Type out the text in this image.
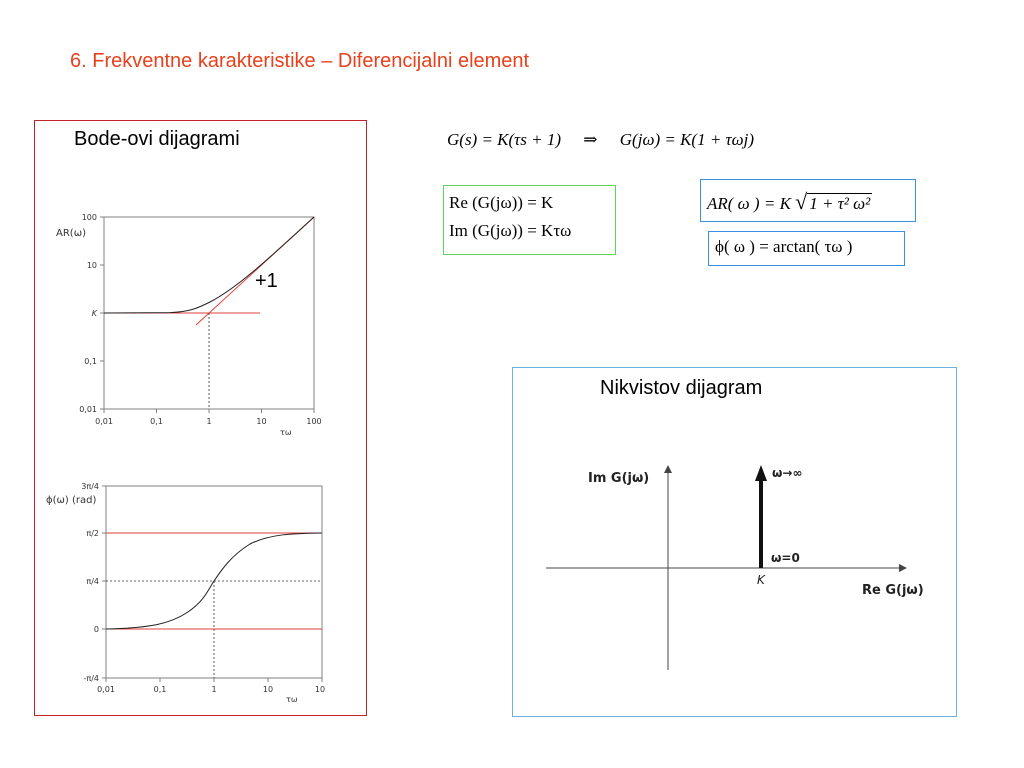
6. Frekventne karakteristike – Diferencijalni element
Bode-ovi dijagrami
100
10
K
0,1
0,01
0,01	0,1	1	10	100
AR(ω)
τω
+1
3π/4
π/2
π/4
0
-π/4
0,01	0,1	1	10	10
ϕ(ω) (rad)
τω
G(s) = K(τs + 1) ⇒ G(jω) = K(1 + τωj)
Re (G(jω)) = K
Im (G(jω)) = Kτω
AR( ω ) = K √ 1 + τ² ω²
ϕ( ω ) = arctan( τω )
Nikvistov dijagram
Im G(jω)
Re G(jω)
ω→∞
ω=0
K
